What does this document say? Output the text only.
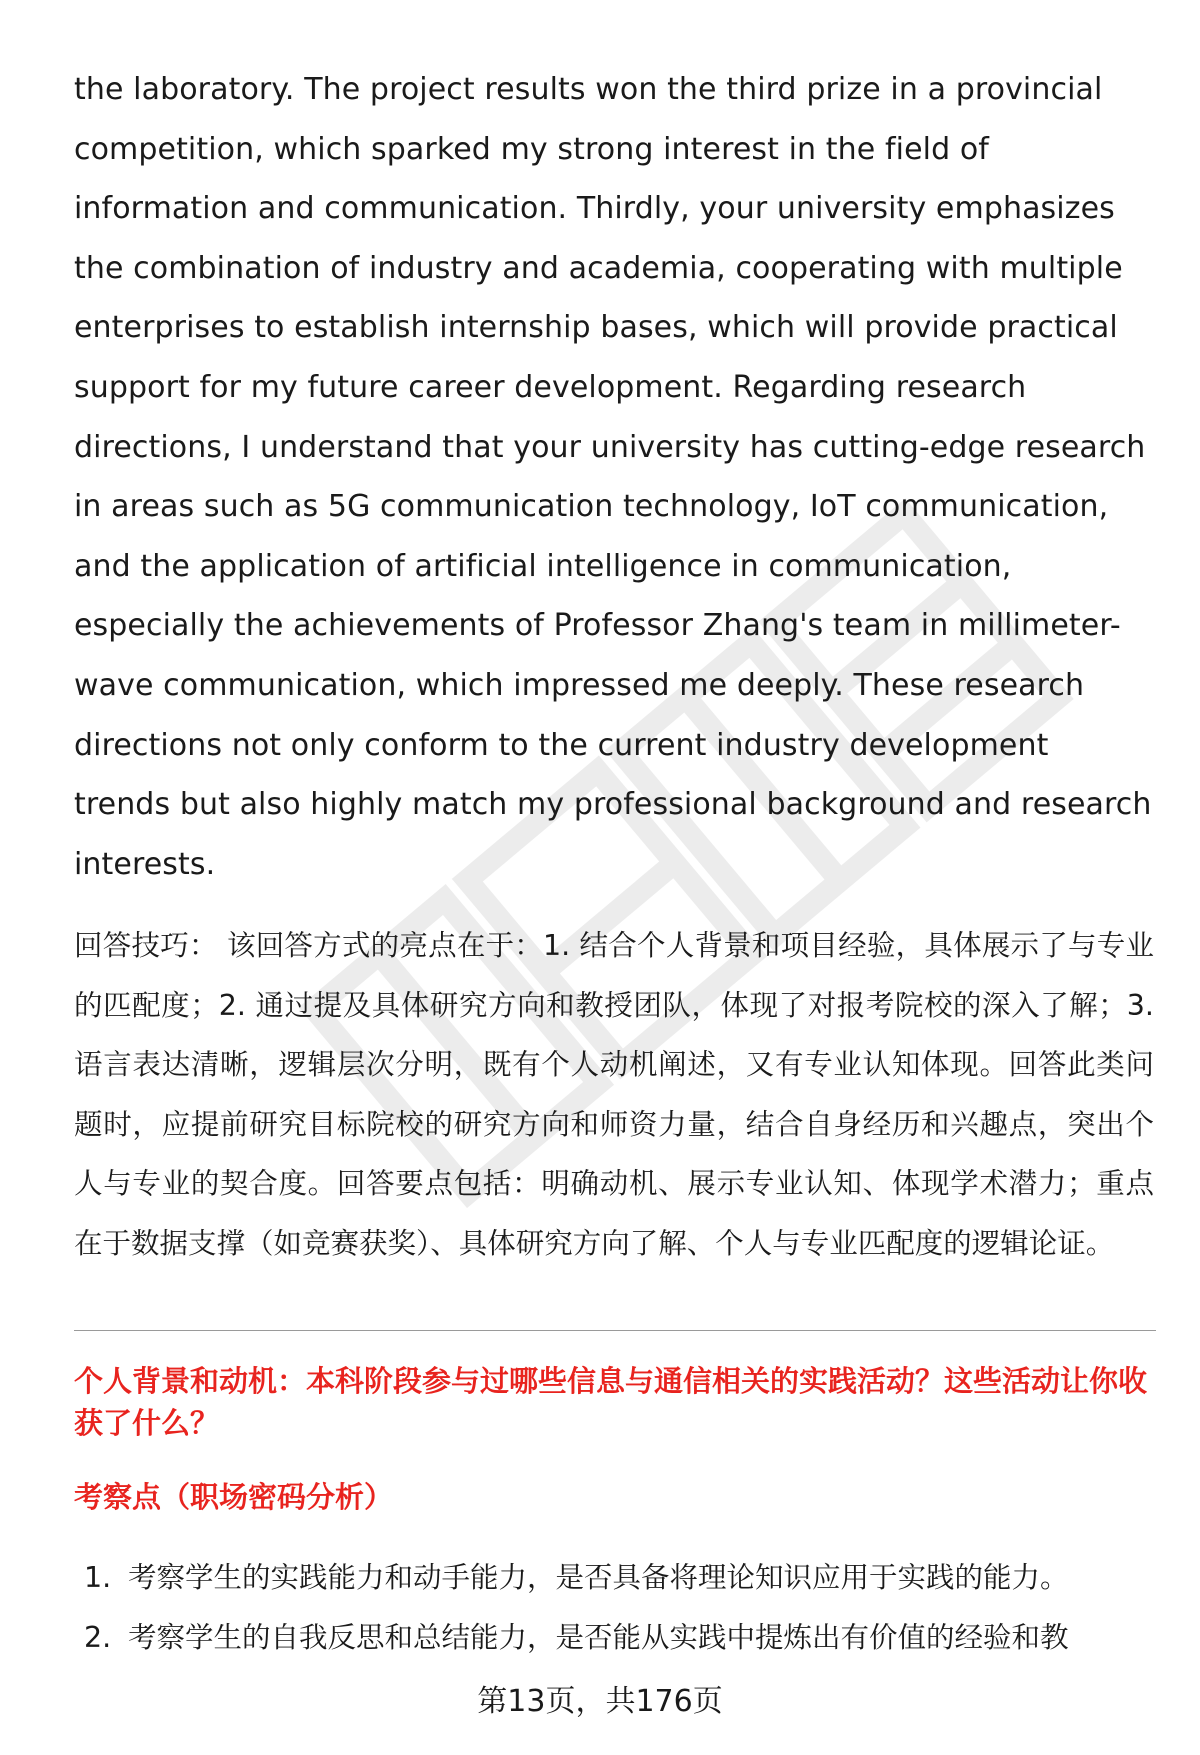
the laboratory. The project results won the third prize in a provincial competition, which sparked my strong interest in the field of information and communication. Thirdly, your university emphasizes the combination of industry and academia, cooperating with multiple enterprises to establish internship bases, which will provide practical support for my future career development. Regarding research directions, I understand that your university has cutting-edge research in areas such as 5G communication technology, IoT communication, and the application of artificial intelligence in communication, especially the achievements of Professor Zhang's team in millimeter-wave communication, which impressed me deeply. These research directions not only conform to the current industry development trends but also highly match my professional background and research interests.

回答技巧： 该回答方式的亮点在于：1. 结合个人背景和项目经验，具体展示了与专业的匹配度；2. 通过提及具体研究方向和教授团队，体现了对报考院校的深入了解；3. 语言表达清晰，逻辑层次分明，既有个人动机阐述，又有专业认知体现。回答此类问题时，应提前研究目标院校的研究方向和师资力量，结合自身经历和兴趣点，突出个人与专业的契合度。回答要点包括：明确动机、展示专业认知、体现学术潜力；重点在于数据支撑（如竞赛获奖）、具体研究方向了解、个人与专业匹配度的逻辑论证。

个人背景和动机：本科阶段参与过哪些信息与通信相关的实践活动？这些活动让你收获了什么？

考察点（职场密码分析）

1. 考察学生的实践能力和动手能力，是否具备将理论知识应用于实践的能力。
2. 考察学生的自我反思和总结能力，是否能从实践中提炼出有价值的经验和教
第13页，共176页
